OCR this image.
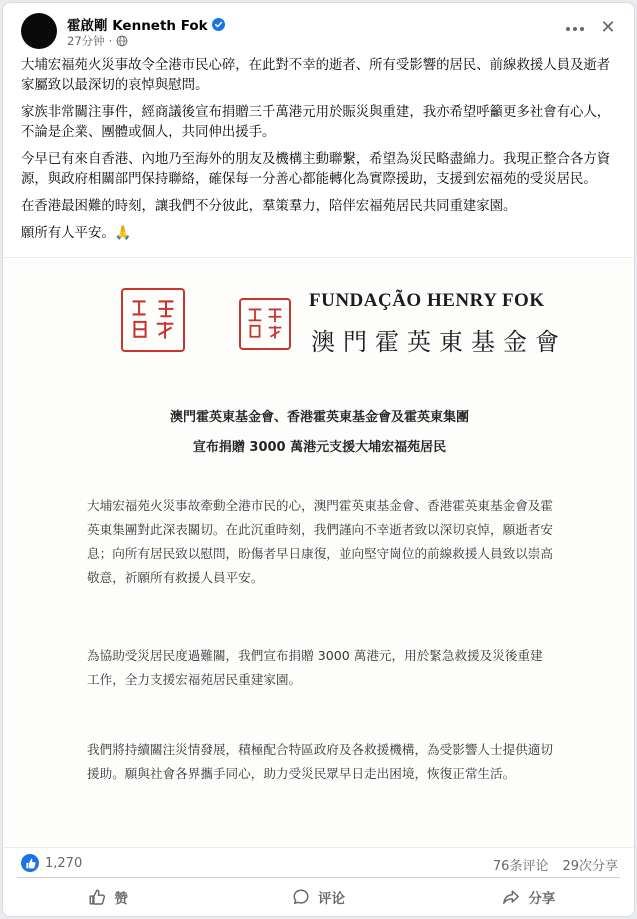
霍啟剛 Kenneth Fok
27分钟 ·
✕

大埔宏福苑火災事故令全港市民心碎，在此對不幸的逝者、所有受影響的居民、前線救援人員及逝者家屬致以最深切的哀悼與慰問。

家族非常關注事件，經商議後宣布捐贈三千萬港元用於賑災與重建，我亦希望呼籲更多社會有心人，不論是企業、團體或個人，共同伸出援手。

今早已有來自香港、內地乃至海外的朋友及機構主動聯繫，希望為災民略盡綿力。我現正整合各方資源，與政府相關部門保持聯絡，確保每一分善心都能轉化為實際援助，支援到宏福苑的受災居民。

在香港最困難的時刻，讓我們不分彼此，羣策羣力，陪伴宏福苑居民共同重建家園。

願所有人平安。🙏

FUNDAÇÃO HENRY FOK
澳門霍英東基金會
澳門霍英東基金會、香港霍英東基金會及霍英東集團
宣布捐贈 3000 萬港元支援大埔宏福苑居民
大埔宏福苑火災事故牽動全港市民的心，澳門霍英東基金會、香港霍英東基金會及霍英東集團對此深表關切。在此沉重時刻，我們謹向不幸逝者致以深切哀悼，願逝者安息；向所有居民致以慰問，盼傷者早日康復，並向堅守崗位的前線救援人員致以崇高敬意，祈願所有救援人員平安。
為協助受災居民度過難關，我們宣布捐贈 3000 萬港元，用於緊急救援及災後重建工作，全力支援宏福苑居民重建家園。
我們將持續關注災情發展，積極配合特區政府及各救援機構，為受影響人士提供適切援助。願與社會各界攜手同心，助力受災民眾早日走出困境，恢復正常生活。
1,270	76条评论 29次分享
赞	评论	分享
